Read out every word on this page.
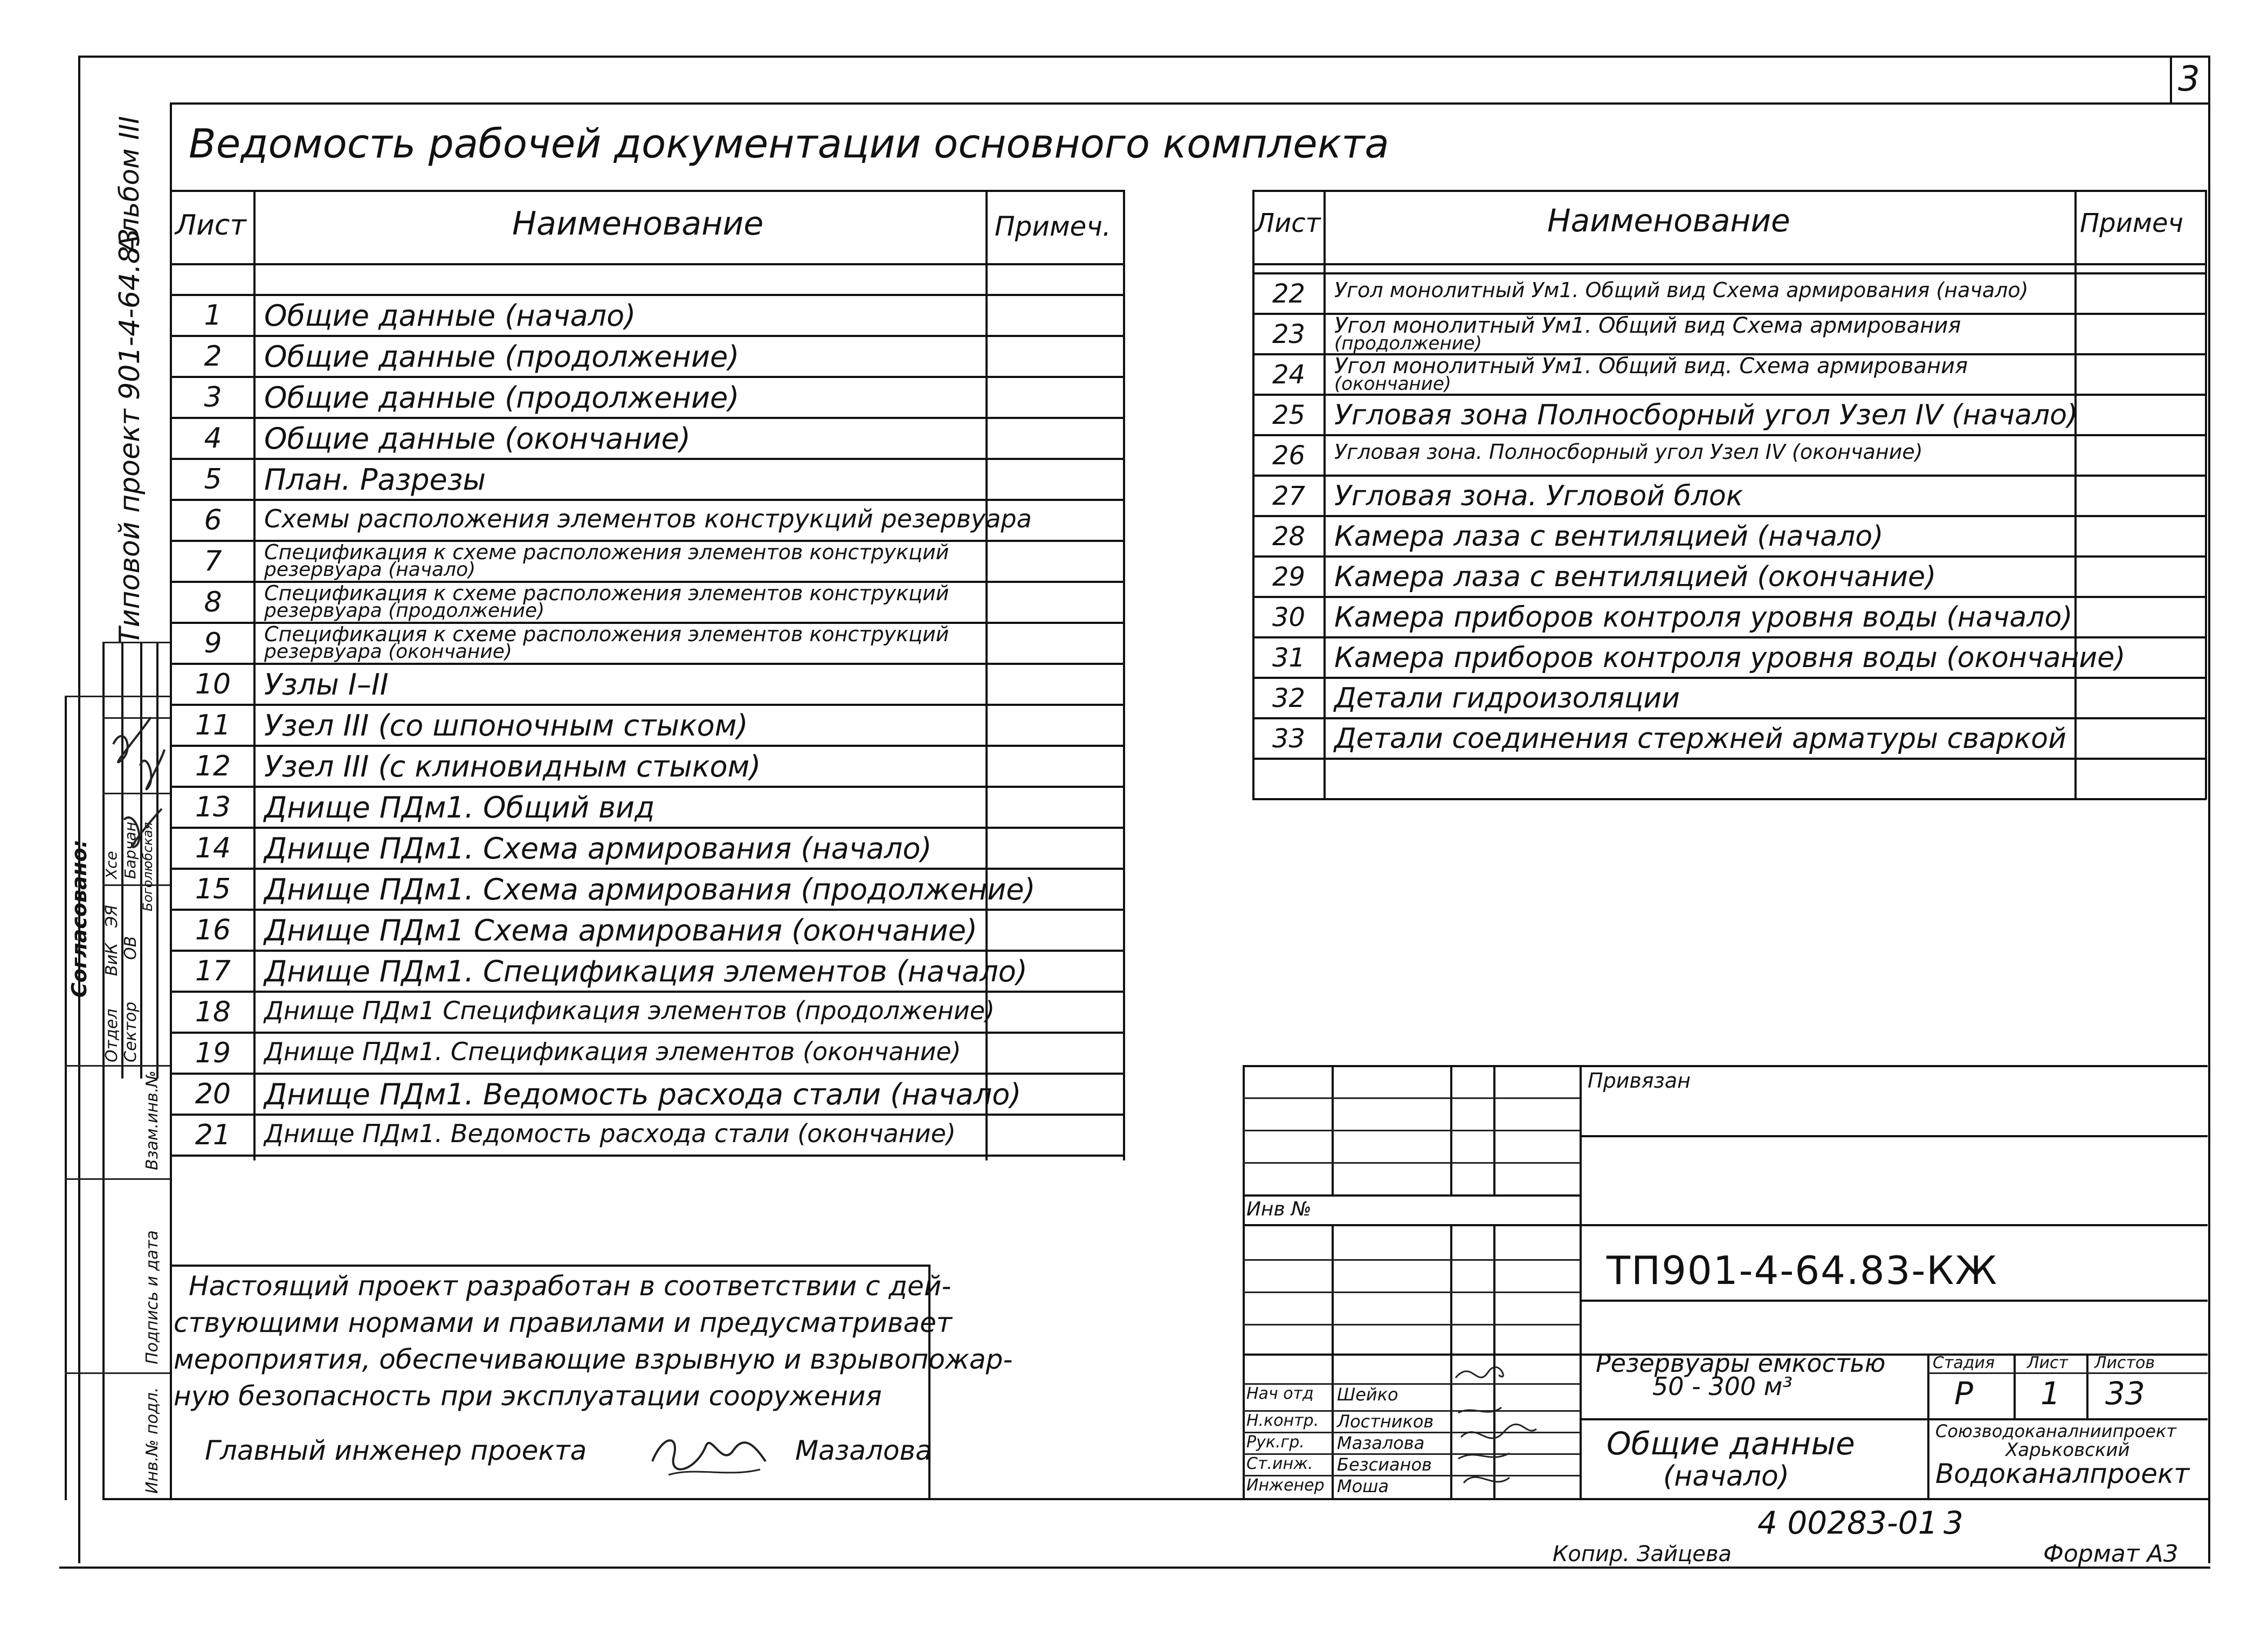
3
Альбом III
Типовой проект 901-4-64.83
Согласовано:
Отдел
ВиК
ЭЯ
Сектор
ОВ
Хсе Барчан Боголюбская
Взам.инв.№
Подпись и дата
Инв.№ подл.
Ведомость рабочей документации основного комплекта
Лист	Наименование	Примеч.
1	Общие данные (начало)
2	Общие данные (продолжение)
3	Общие данные (продолжение)
4	Общие данные (окончание)
5	План. Разрезы
6	Схемы расположения элементов конструкций резервуара
7	Спецификация к схеме расположения элементов конструкций
резервуара (начало)
8	Спецификация к схеме расположения элементов конструкций
резервуара (продолжение)
9	Спецификация к схеме расположения элементов конструкций
резервуара (окончание)
10	Узлы I–II
11	Узел III (со шпоночным стыком)
12	Узел III (с клиновидным стыком)
13	Днище ПДм1. Общий вид
14	Днище ПДм1. Схема армирования (начало)
15	Днище ПДм1. Схема армирования (продолжение)
16	Днище ПДм1 Схема армирования (окончание)
17	Днище ПДм1. Спецификация элементов (начало)
18	Днище ПДм1 Спецификация элементов (продолжение)
19	Днище ПДм1. Спецификация элементов (окончание)
20	Днище ПДм1. Ведомость расхода стали (начало)
21	Днище ПДм1. Ведомость расхода стали (окончание)
Лист	Наименование	Примеч
22	Угол монолитный Ум1. Общий вид Схема армирования (начало)
23	Угол монолитный Ум1. Общий вид Схема армирования
(продолжение)
24	Угол монолитный Ум1. Общий вид. Схема армирования
(окончание)
25	Угловая зона Полносборный угол Узел IV (начало)
26	Угловая зона. Полносборный угол Узел IV (окончание)
27	Угловая зона. Угловой блок
28	Камера лаза с вентиляцией (начало)
29	Камера лаза с вентиляцией (окончание)
30	Камера приборов контроля уровня воды (начало)
31	Камера приборов контроля уровня воды (окончание)
32	Детали гидроизоляции
33	Детали соединения стержней арматуры сваркой
Настоящий проект разработан в соответствии с дей-
ствующими нормами и правилами и предусматривает
мероприятия, обеспечивающие взрывную и взрывопожар-
ную безопасность при эксплуатации сооружения
Главный инженер проекта	Мазалова
Привязан
Инв №
ТП901-4-64.83-КЖ
Резервуары емкостью
50 - 300 м³
Общие данные
(начало)
Стадия Лист Листов
Р 1 33
Союзводоканалниипроект
Харьковский
Водоканалпроект
Нач отд Шейко
Н.контр. Лостников
Рук.гр. Мазалова
Ст.инж. Безсианов
Инженер Моша
Копир. Зайцева
4 00283-01 3
Формат А3
